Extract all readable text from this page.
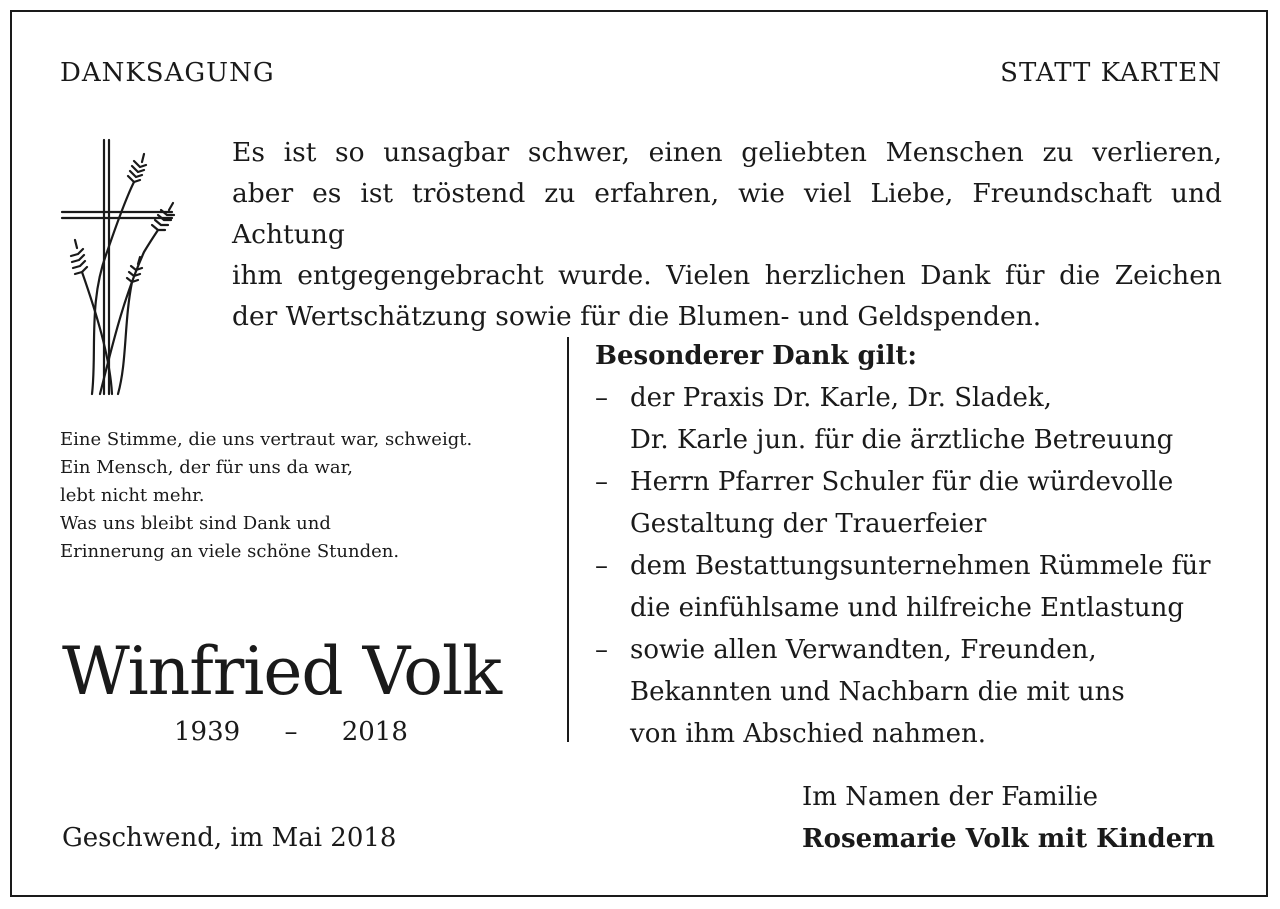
DANKSAGUNG	STATT KARTEN
Es ist so unsagbar schwer, einen geliebten Menschen zu verlieren,
aber es ist tröstend zu erfahren, wie viel Liebe, Freundschaft und Achtung
ihm entgegengebracht wurde. Vielen herzlichen Dank für die Zeichen
der Wertschätzung sowie für die Blumen- und Geldspenden.
Eine Stimme, die uns vertraut war, schweigt.
Ein Mensch, der für uns da war,
lebt nicht mehr.
Was uns bleibt sind Dank und
Erinnerung an viele schöne Stunden.
Winfried Volk
1939 – 2018
Besonderer Dank gilt:
– der Praxis Dr. Karle, Dr. Sladek,
Dr. Karle jun. für die ärztliche Betreuung
– Herrn Pfarrer Schuler für die würdevolle
Gestaltung der Trauerfeier
– dem Bestattungsunternehmen Rümmele für
die einfühlsame und hilfreiche Entlastung
– sowie allen Verwandten, Freunden,
Bekannten und Nachbarn die mit uns
von ihm Abschied nahmen.
Geschwend, im Mai 2018
Im Namen der Familie
Rosemarie Volk mit Kindern
